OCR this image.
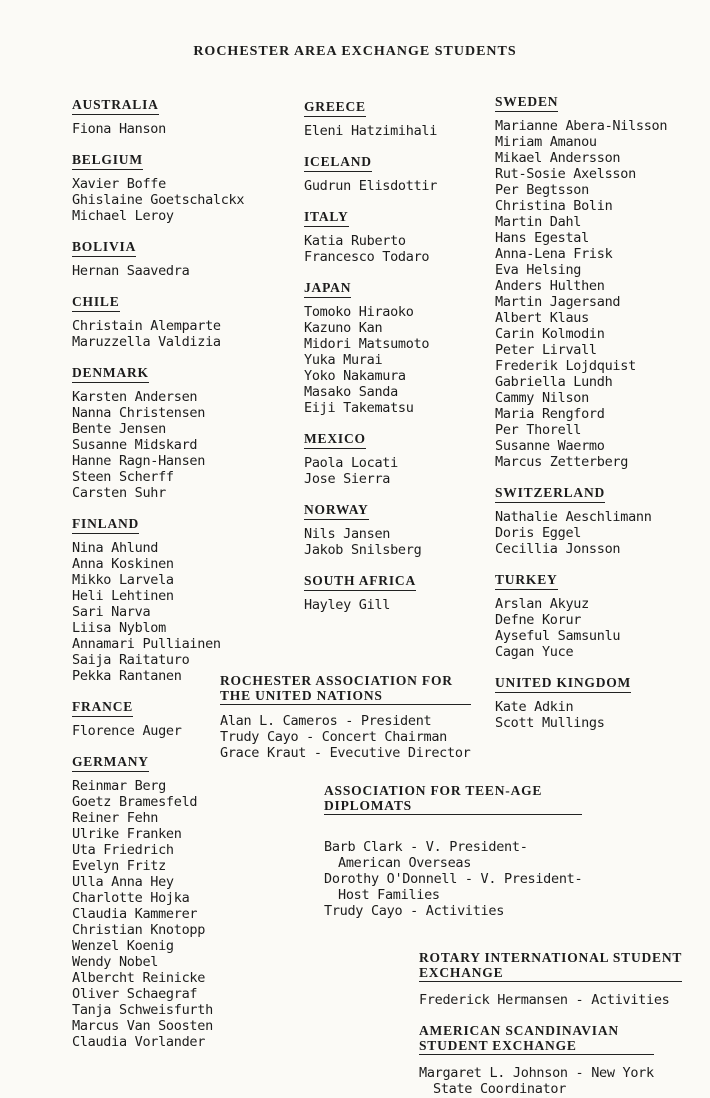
ROCHESTER AREA EXCHANGE STUDENTS
AUSTRALIA
Fiona Hanson
BELGIUM
Xavier Boffe
Ghislaine Goetschalckx
Michael Leroy
BOLIVIA
Hernan Saavedra
CHILE
Christain Alemparte
Maruzzella Valdizia
DENMARK
Karsten Andersen
Nanna Christensen
Bente Jensen
Susanne Midskard
Hanne Ragn-Hansen
Steen Scherff
Carsten Suhr
FINLAND
Nina Ahlund
Anna Koskinen
Mikko Larvela
Heli Lehtinen
Sari Narva
Liisa Nyblom
Annamari Pulliainen
Saija Raitaturo
Pekka Rantanen
FRANCE
Florence Auger
GERMANY
Reinmar Berg
Goetz Bramesfeld
Reiner Fehn
Ulrike Franken
Uta Friedrich
Evelyn Fritz
Ulla Anna Hey
Charlotte Hojka
Claudia Kammerer
Christian Knotopp
Wenzel Koenig
Wendy Nobel
Albercht Reinicke
Oliver Schaegraf
Tanja Schweisfurth
Marcus Van Soosten
Claudia Vorlander
GREECE
Eleni Hatzimihali
ICELAND
Gudrun Elisdottir
ITALY
Katia Ruberto
Francesco Todaro
JAPAN
Tomoko Hiraoko
Kazuno Kan
Midori Matsumoto
Yuka Murai
Yoko Nakamura
Masako Sanda
Eiji Takematsu
MEXICO
Paola Locati
Jose Sierra
NORWAY
Nils Jansen
Jakob Snilsberg
SOUTH AFRICA
Hayley Gill
SWEDEN
Marianne Abera-Nilsson
Miriam Amanou
Mikael Andersson
Rut-Sosie Axelsson
Per Begtsson
Christina Bolin
Martin Dahl
Hans Egestal
Anna-Lena Frisk
Eva Helsing
Anders Hulthen
Martin Jagersand
Albert Klaus
Carin Kolmodin
Peter Lirvall
Frederik Lojdquist
Gabriella Lundh
Cammy Nilson
Maria Rengford
Per Thorell
Susanne Waermo
Marcus Zetterberg
SWITZERLAND
Nathalie Aeschlimann
Doris Eggel
Cecillia Jonsson
TURKEY
Arslan Akyuz
Defne Korur
Ayseful Samsunlu
Cagan Yuce
UNITED KINGDOM
Kate Adkin
Scott Mullings
ROCHESTER ASSOCIATION FOR
THE UNITED NATIONS
Alan L. Cameros - President
Trudy Cayo - Concert Chairman
Grace Kraut - Evecutive Director
ASSOCIATION FOR TEEN-AGE
DIPLOMATS
Barb Clark - V. President-
American Overseas
Dorothy O'Donnell - V. President-
Host Families
Trudy Cayo - Activities
ROTARY INTERNATIONAL STUDENT
EXCHANGE
Frederick Hermansen - Activities
AMERICAN SCANDINAVIAN
STUDENT EXCHANGE
Margaret L. Johnson - New York
State Coordinator
